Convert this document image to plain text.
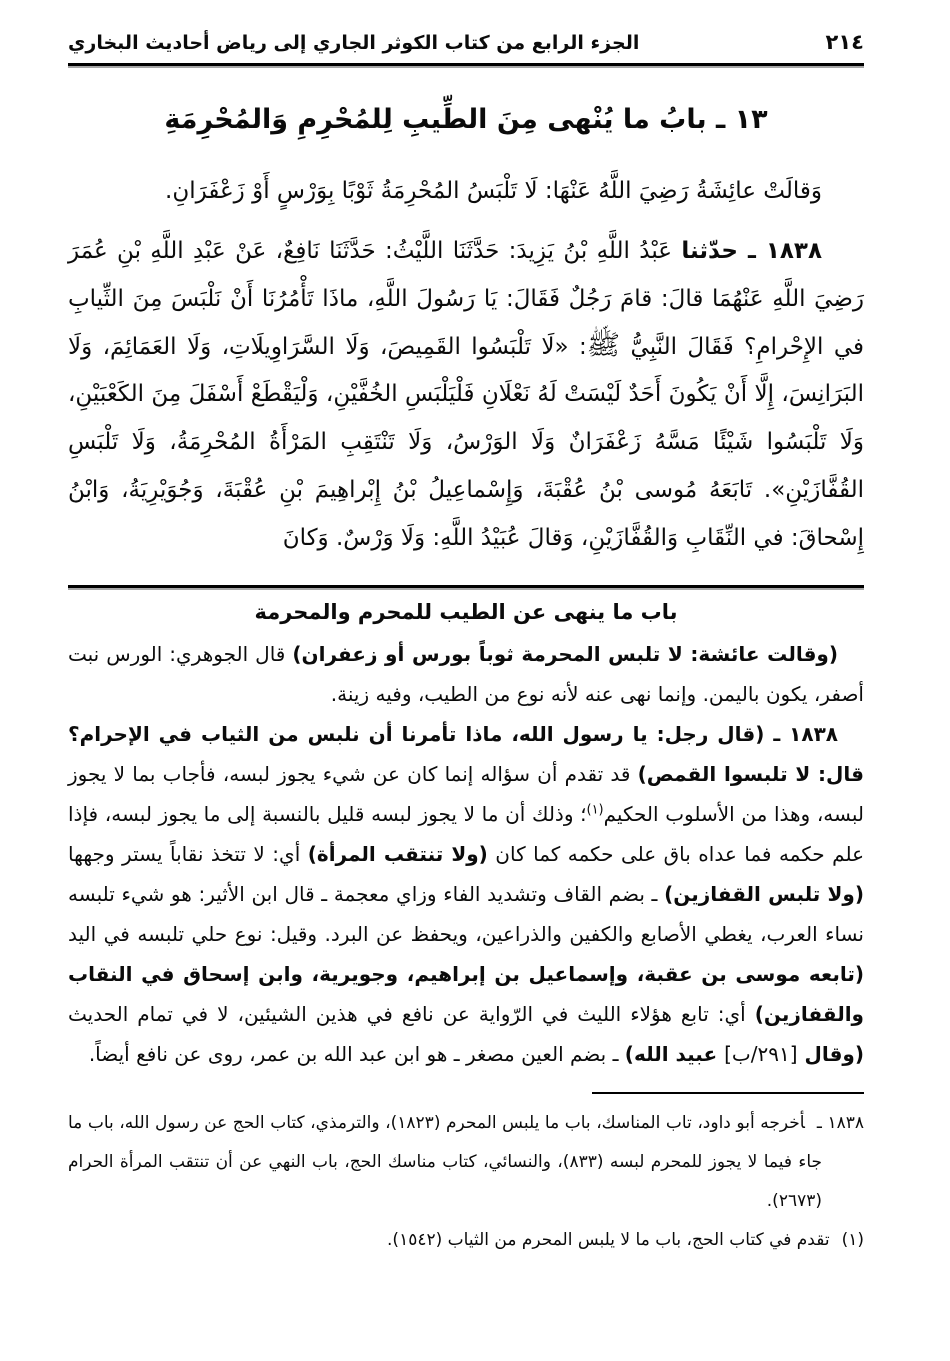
٢١٤
الجزء الرابع من كتاب الكوثر الجاري إلى رياض أحاديث البخاري
١٣ ـ بابُ ما يُنْهى مِنَ الطِّيبِ لِلمُحْرِمِ وَالمُحْرِمَةِ

وَقالَتْ عائِشَةُ رَضِيَ اللَّهُ عَنْهَا: لَا تَلْبَسُ المُحْرِمَةُ ثَوْبًا بِوَرْسٍ أَوْ زَعْفَرَانِ.

١٨٣٨ ـ حدّثنا عَبْدُ اللَّهِ بْنُ يَزِيدَ: حَدَّثَنَا اللَّيْثُ: حَدَّثَنَا نَافِعٌ، عَنْ عَبْدِ اللَّهِ بْنِ عُمَرَ رَضِيَ اللَّهِ عَنْهُمَا قالَ: قامَ رَجُلٌ فَقَالَ: يَا رَسُولَ اللَّهِ، ماذَا تَأْمُرُنَا أَنْ نَلْبَسَ مِنَ الثِّيابِ في الإِحْرامِ؟ فَقَالَ النَّبِيُّ ﷺ: «لَا تَلْبَسُوا القَمِيصَ، وَلَا السَّرَاوِيلَاتِ، وَلَا العَمَائِمَ، وَلَا البَرَانِسَ، إِلَّا أَنْ يَكُونَ أَحَدٌ لَيْسَتْ لَهُ نَعْلَانِ فَلْيَلْبَسِ الخُفَّيْنِ، وَلْيَقْطَعْ أَسْفَلَ مِنَ الكَعْبَيْنِ، وَلَا تَلْبَسُوا شَيْئًا مَسَّهُ زَعْفَرَانٌ وَلَا الوَرْسُ، وَلَا تَنْتَقِبِ المَرْأَةُ المُحْرِمَةُ، وَلَا تَلْبَسِ القُفَّازَيْنِ». تَابَعَهُ مُوسى بْنُ عُقْبَةَ، وَإِسْماعِيلُ بْنُ إِبْراهِيمَ بْنِ عُقْبَةَ، وَجُوَيْرِيَةُ، وَابْنُ إِسْحاقَ: في النِّقَابِ وَالقُفَّازَيْنِ، وَقالَ عُبَيْدُ اللَّهِ: وَلَا وَرْسٌ. وَكانَ

باب ما ينهى عن الطيب للمحرم والمحرمة

(وقالت عائشة: لا تلبس المحرمة ثوباً بورس أو زعفران) قال الجوهري: الورس نبت أصفر، يكون باليمن. وإنما نهى عنه لأنه نوع من الطيب، وفيه زينة.

١٨٣٨ ـ (قال رجل: يا رسول الله، ماذا تأمرنا أن نلبس من الثياب في الإحرام؟ قال: لا تلبسوا القمص) قد تقدم أن سؤاله إنما كان عن شيء يجوز لبسه، فأجاب بما لا يجوز لبسه، وهذا من الأسلوب الحكيم$^{(١)}$؛ وذلك أن ما لا يجوز لبسه قليل بالنسبة إلى ما يجوز لبسه، فإذا علم حكمه فما عداه باق على حكمه كما كان (ولا تنتقب المرأة) أي: لا تتخذ نقاباً يستر وجهها (ولا تلبس القفازين) ـ بضم القاف وتشديد الفاء وزاي معجمة ـ قال ابن الأثير: هو شيء تلبسه نساء العرب، يغطي الأصابع والكفين والذراعين، ويحفظ عن البرد. وقيل: نوع حلي تلبسه في اليد (تابعه موسى بن عقبة، وإسماعيل بن إبراهيم، وجويرية، وابن إسحاق في النقاب والقفازين) أي: تابع هؤلاء الليث في الرّواية عن نافع في هذين الشيئين، لا في تمام الحديث (وقال [٢٩١/ب] عبيد الله) ـ بضم العين مصغر ـ هو ابن عبد الله بن عمر، روى عن نافع أيضاً.

١٨٣٨ ـأخرجه أبو داود، تاب المناسك، باب ما يلبس المحرم (١٨٢٣)، والترمذي، كتاب الحج عن رسول الله، باب ما جاء فيما لا يجوز للمحرم لبسه (٨٣٣)، والنسائي، كتاب مناسك الحج، باب النهي عن أن تنتقب المرأة الحرام (٢٦٧٣).

(١)تقدم في كتاب الحج، باب ما لا يلبس المحرم من الثياب (١٥٤٢).
